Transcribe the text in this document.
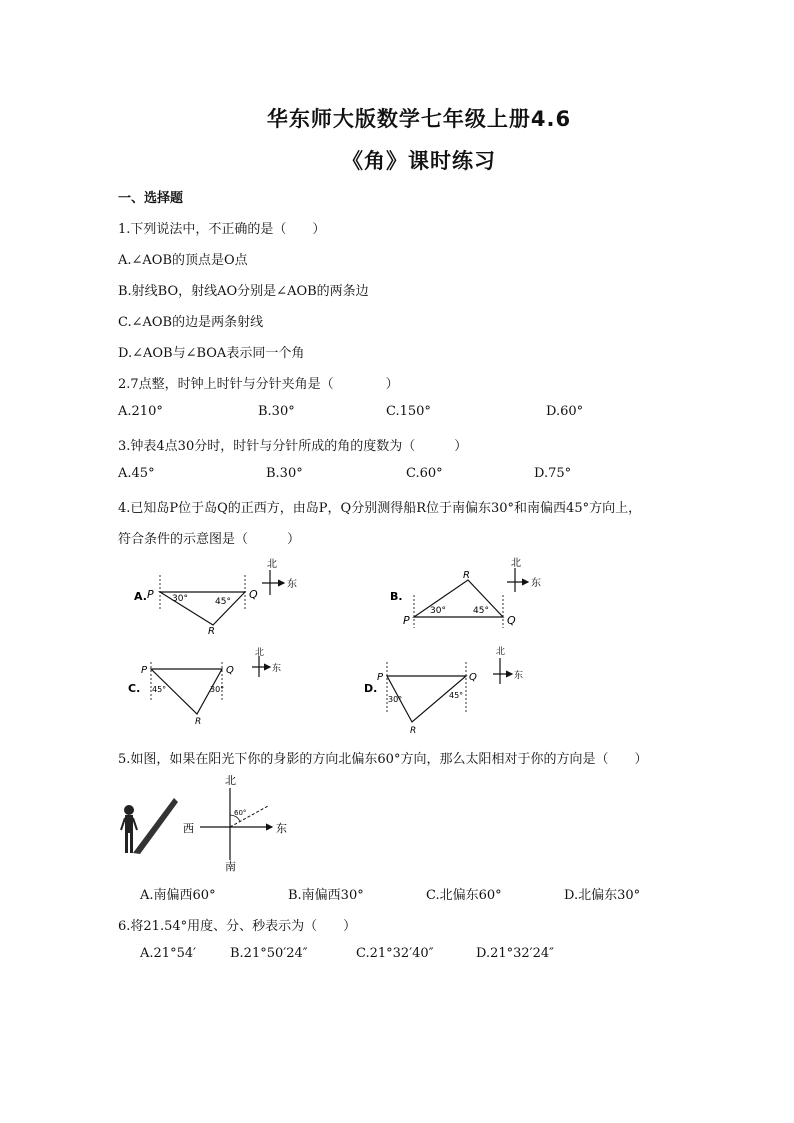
华东师大版数学七年级上册4.6
《角》课时练习
一、选择题
1.下列说法中，不正确的是（　　）
A.∠AOB的顶点是O点
B.射线BO，射线AO分别是∠AOB的两条边
C.∠AOB的边是两条射线
D.∠AOB与∠BOA表示同一个角
2.7点整，时钟上时针与分针夹角是（　　　　）
A.210°	B.30°	C.150°	D.60°
3.钟表4点30分时，时针与分针所成的角的度数为（　　　）
A.45°	B.30°	C.60°	D.75°
4.已知岛P位于岛Q的正西方，由岛P，Q分别测得船R位于南偏东30°和南偏西45°方向上，
符合条件的示意图是（　　　）
A. P	Q
R
30°	45°
北
东
B.
P	Q
R
30°	45°
北
东
C.
P	Q
R
45°	30°
北
东
D.
P	Q
R
30°	45°
北
东
北
南
西	东
60°
5.如图，如果在阳光下你的身影的方向北偏东60°方向，那么太阳相对于你的方向是（　　）
A.南偏西60°	B.南偏西30°	C.北偏东60°	D.北偏东30°
6.将21.54°用度、分、秒表示为（　　）
A.21°54′	B.21°50′24″	C.21°32′40″	D.21°32′24″
